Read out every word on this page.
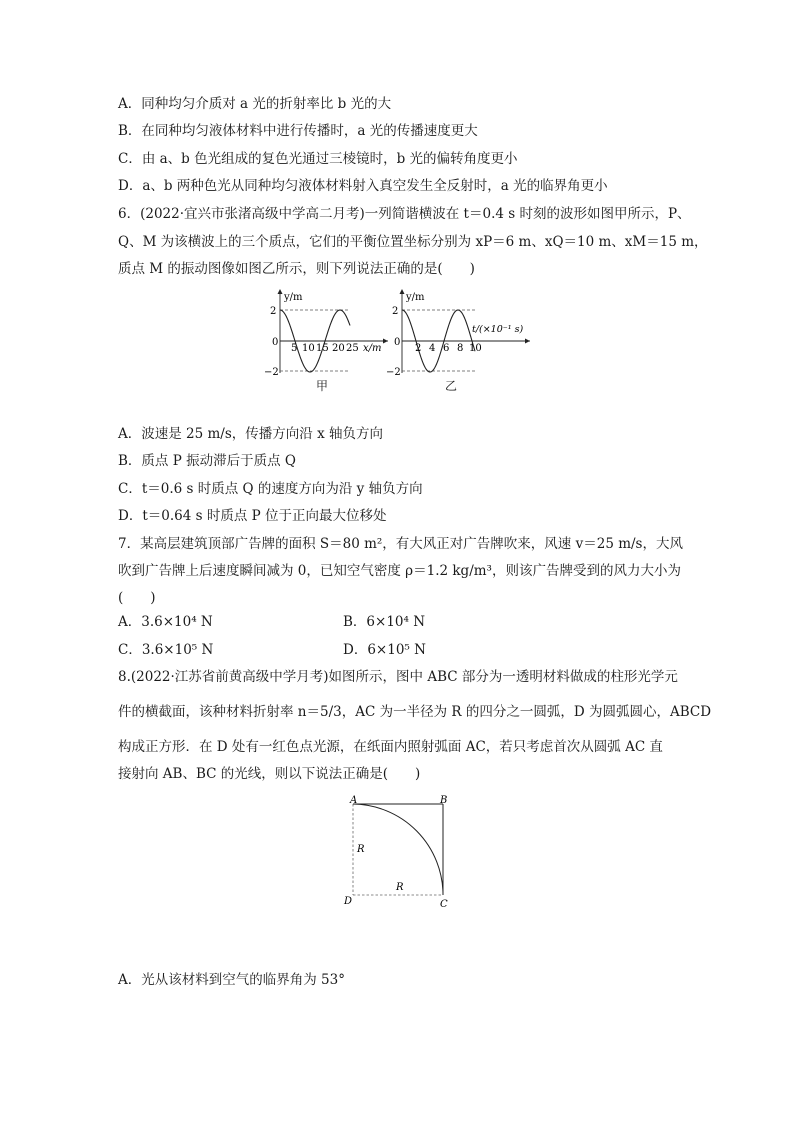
A．同种均匀介质对 a 光的折射率比 b 光的大
B．在同种均匀液体材料中进行传播时，a 光的传播速度更大
C．由 a、b 色光组成的复色光通过三棱镜时，b 光的偏转角度更小
D．a、b 两种色光从同种均匀液体材料射入真空发生全反射时，a 光的临界角更小
6．(2022·宜兴市张渚高级中学高二月考)一列简谐横波在 t＝0.4 s 时刻的波形如图甲所示，P、
Q、M 为该横波上的三个质点，它们的平衡位置坐标分别为 xP＝6 m、xQ＝10 m、xM＝15 m，
质点 M 的振动图像如图乙所示，则下列说法正确的是(　　)
y/m
x/m
2
0
−2
5 10 15 20 25
y/m
t/(×10⁻¹ s)
2
0
−2
2 4 6 8 10
甲	乙
A．波速是 25 m/s，传播方向沿 x 轴负方向
B．质点 P 振动滞后于质点 Q
C．t＝0.6 s 时质点 Q 的速度方向为沿 y 轴负方向
D．t＝0.64 s 时质点 P 位于正向最大位移处
7．某高层建筑顶部广告牌的面积 S＝80 m²，有大风正对广告牌吹来，风速 v＝25 m/s，大风
吹到广告牌上后速度瞬间减为 0，已知空气密度 ρ＝1.2 kg/m³，则该广告牌受到的风力大小为
(　　)
A．3.6×10⁴ N	B．6×10⁴ N
C．3.6×10⁵ N	D．6×10⁵ N
8.(2022·江苏省前黄高级中学月考)如图所示，图中 ABC 部分为一透明材料做成的柱形光学元
件的横截面，该种材料折射率 n＝5/3，AC 为一半径为 R 的四分之一圆弧，D 为圆弧圆心，ABCD
构成正方形．在 D 处有一红色点光源，在纸面内照射弧面 AC，若只考虑首次从圆弧 AC 直
接射向 AB、BC 的光线，则以下说法正确是(　　)
A	B
C
D
R
R
A．光从该材料到空气的临界角为 53°
